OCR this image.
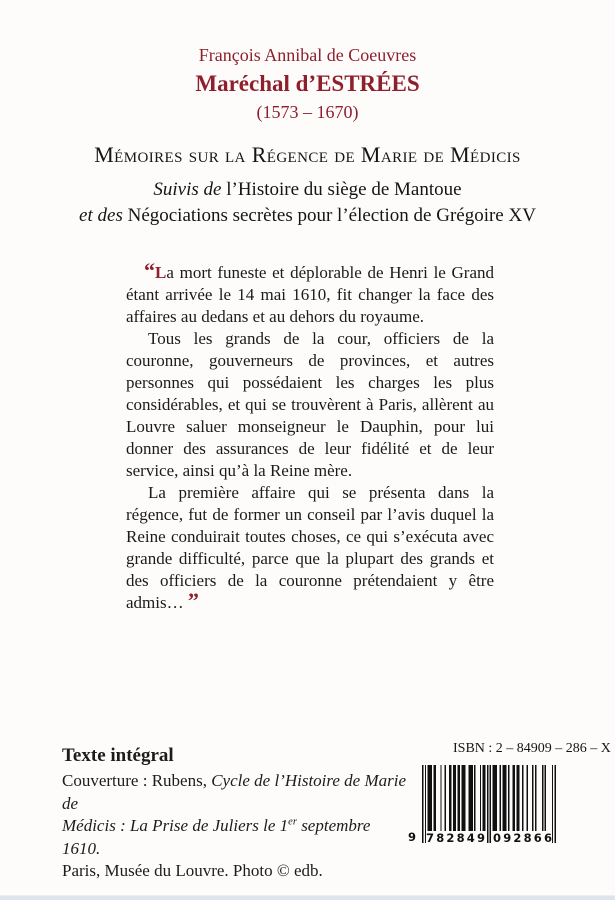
François Annibal de Coeuvres
Maréchal d’ESTRÉES
(1573 – 1670)
Mémoires sur la Régence de Marie de Médicis
Suivis de l’Histoire du siège de Mantoue
et des Négociations secrètes pour l’élection de Grégoire XV

“La mort funeste et déplorable de Henri le Grand étant arrivée le 14 mai 1610, fit changer la face des affaires au dedans et au dehors du royaume.

Tous les grands de la cour, officiers de la couronne, gouverneurs de provinces, et autres personnes qui possédaient les charges les plus considérables, et qui se trouvèrent à Paris, allèrent au Louvre saluer monseigneur le Dauphin, pour lui donner des assurances de leur fidélité et de leur service, ainsi qu’à la Reine mère.

La première affaire qui se présenta dans la régence, fut de former un conseil par l’avis duquel la Reine conduirait toutes choses, ce qui s’exécuta avec grande difficulté, parce que la plupart des grands et des officiers de la couronne prétendaient y être admis… ”

Texte intégral
Couverture : Rubens, Cycle de l’Histoire de Marie de
Médicis : La Prise de Juliers le 1er septembre 1610.
Paris, Musée du Louvre. Photo © edb.
ISBN : 2 – 84909 – 286 – X
9 7 8 2 8 4 9 0 9 2 8 6 6
